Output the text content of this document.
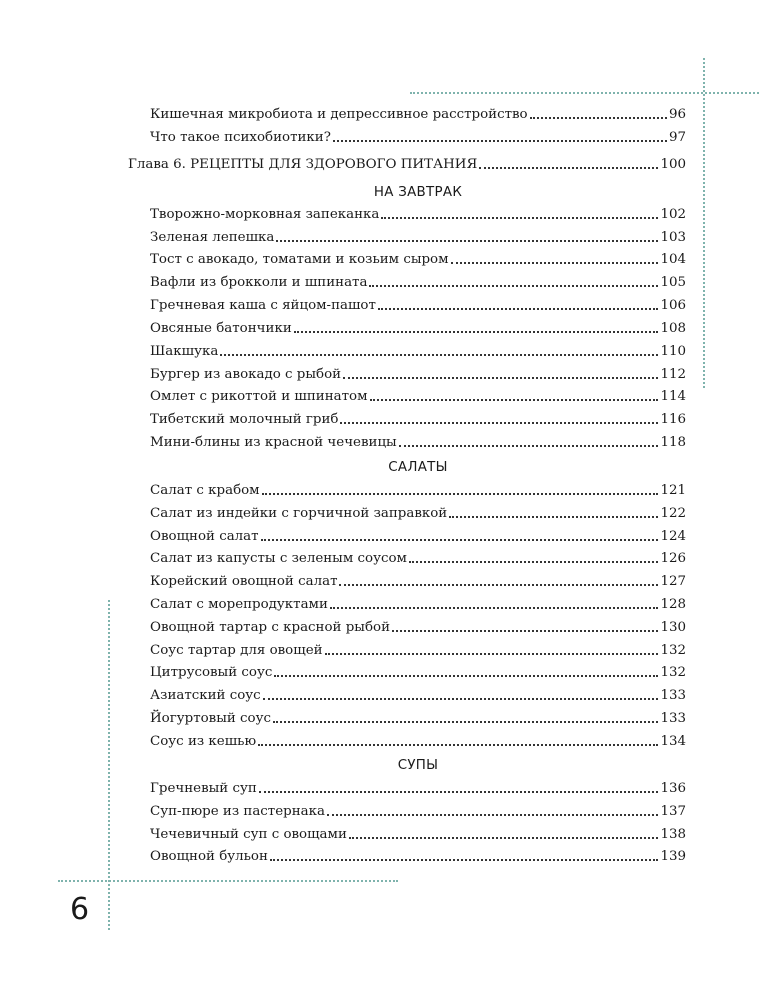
Кишечная микробиота и депрессивное расстройство	96
Что такое психобиотики?	97
Глава 6. РЕЦЕПТЫ ДЛЯ ЗДОРОВОГО ПИТАНИЯ	100
НА ЗАВТРАК
Творожно-морковная запеканка	102
Зеленая лепешка	103
Тост с авокадо, томатами и козьим сыром	104
Вафли из брокколи и шпината	105
Гречневая каша с яйцом-пашот	106
Овсяные батончики	108
Шакшука	110
Бургер из авокадо с рыбой	112
Омлет с рикоттой и шпинатом	114
Тибетский молочный гриб	116
Мини-блины из красной чечевицы	118
САЛАТЫ
Салат с крабом	121
Салат из индейки с горчичной заправкой	122
Овощной салат	124
Салат из капусты с зеленым соусом	126
Корейский овощной салат	127
Салат с морепродуктами	128
Овощной тартар с красной рыбой	130
Соус тартар для овощей	132
Цитрусовый соус	132
Азиатский соус	133
Йогуртовый соус	133
Соус из кешью	134
СУПЫ
Гречневый суп	136
Суп-пюре из пастернака	137
Чечевичный суп с овощами	138
Овощной бульон	139
6
